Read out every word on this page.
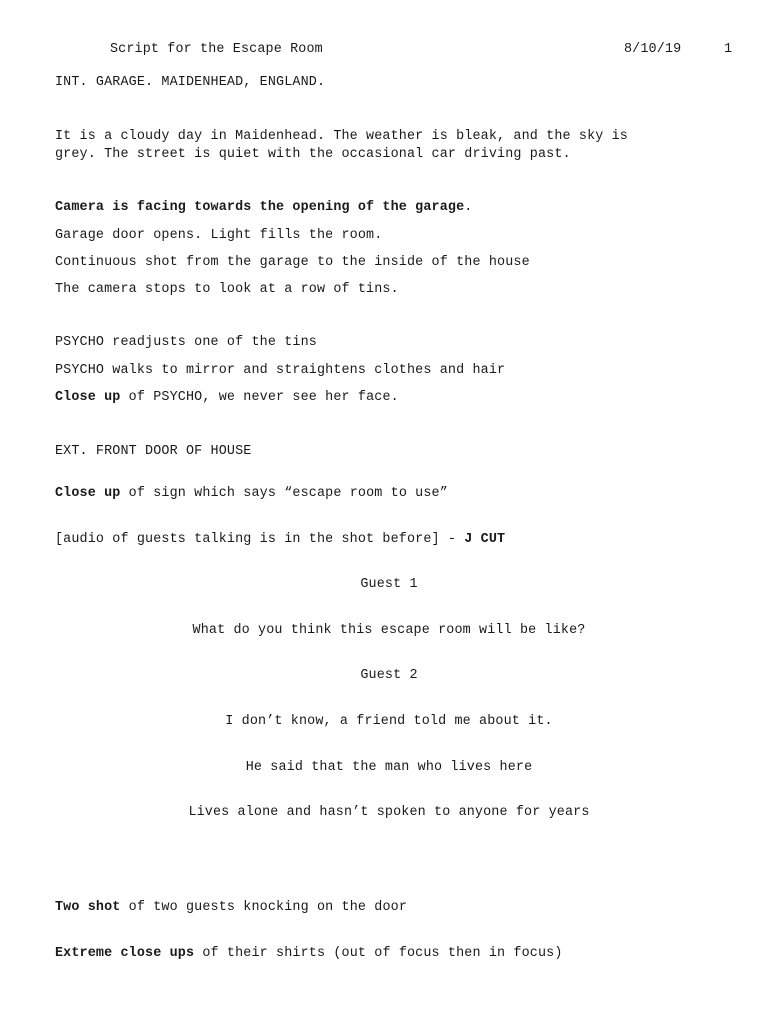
Script for the Escape Room	8/10/19	1
INT. GARAGE. MAIDENHEAD, ENGLAND.
It is a cloudy day in Maidenhead. The weather is bleak, and the sky is
grey. The street is quiet with the occasional car driving past.
Camera is facing towards the opening of the garage.
Garage door opens. Light fills the room.
Continuous shot from the garage to the inside of the house
The camera stops to look at a row of tins.
PSYCHO readjusts one of the tins
PSYCHO walks to mirror and straightens clothes and hair
Close up of PSYCHO, we never see her face.
EXT. FRONT DOOR OF HOUSE
Close up of sign which says “escape room to use”
[audio of guests talking is in the shot before] - J CUT
Guest 1
What do you think this escape room will be like?
Guest 2
I don’t know, a friend told me about it.
He said that the man who lives here
Lives alone and hasn’t spoken to anyone for years
Two shot of two guests knocking on the door
Extreme close ups of their shirts (out of focus then in focus)
